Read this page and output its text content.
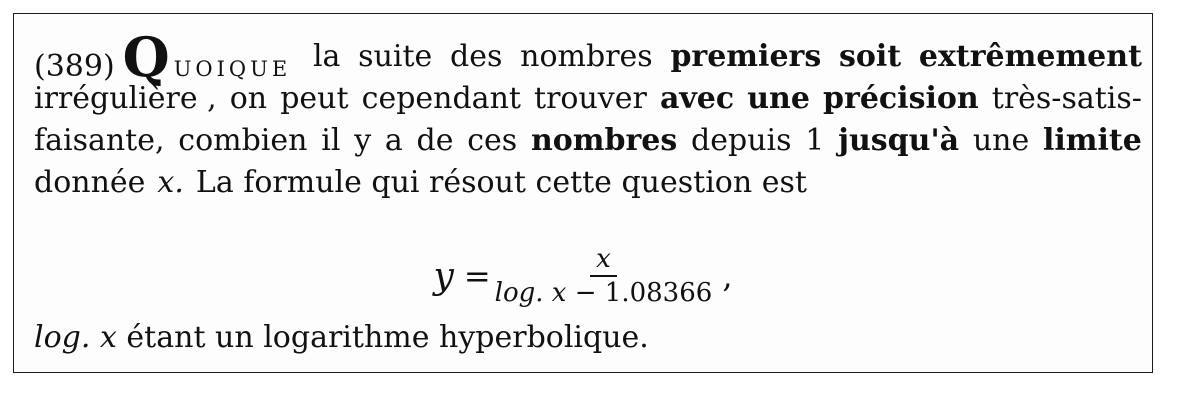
(389) Q UOIQUE la suite des nombres premiers soit extrêmement
irrégulière , on peut cependant trouver avec une précision très-satis-
faisante, combien il y a de ces nombres depuis 1 jusqu'à une limite
donnée x. La formule qui résout cette question est
$y = \frac{x}{\log. x - 1.08366}$ ,
log. x étant un logarithme hyperbolique.
